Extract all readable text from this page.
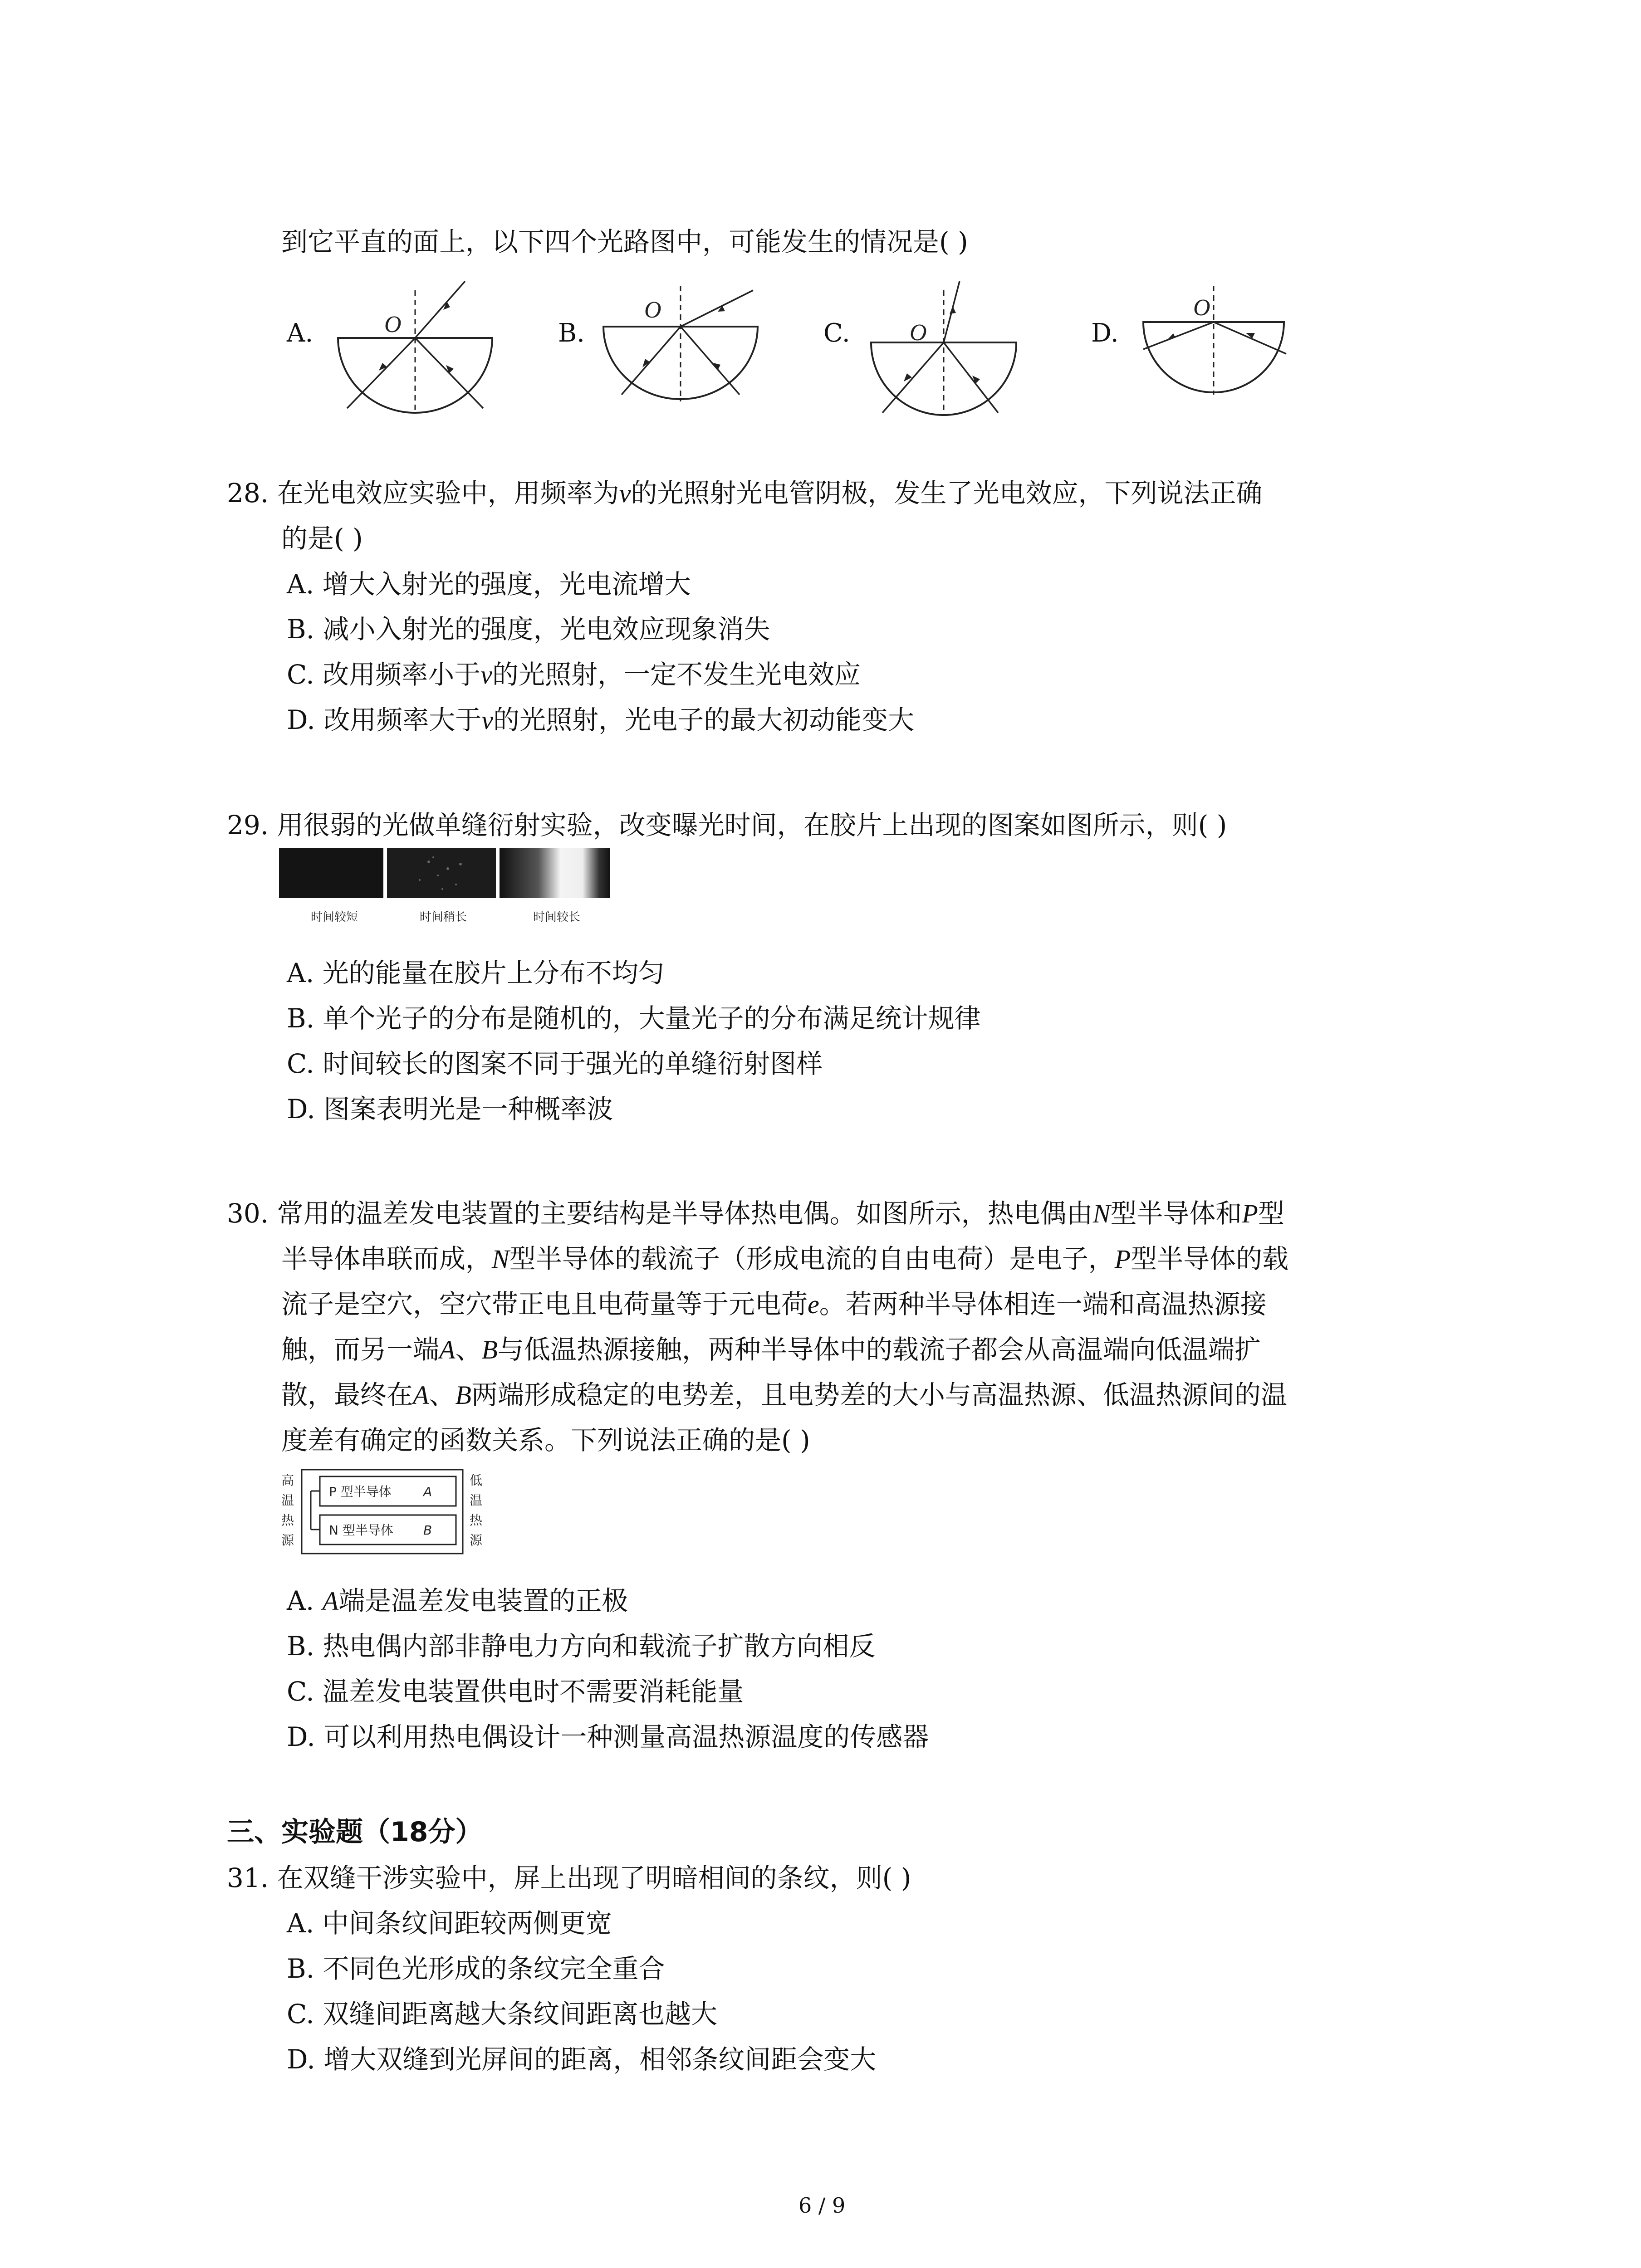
到它平直的面上，以下四个光路图中，可能发生的情况是( )
A.	O	B.
O
C.	O	D.
O
28. 在光电效应实验中，用频率为ν的光照射光电管阴极，发生了光电效应，下列说法正确
的是( )
A. 增大入射光的强度，光电流增大
B. 减小入射光的强度，光电效应现象消失
C. 改用频率小于ν的光照射，一定不发生光电效应
D. 改用频率大于ν的光照射，光电子的最大初动能变大
29. 用很弱的光做单缝衍射实验，改变曝光时间，在胶片上出现的图案如图所示，则( )
时间较短	时间稍长	时间较长
A. 光的能量在胶片上分布不均匀
B. 单个光子的分布是随机的，大量光子的分布满足统计规律
C. 时间较长的图案不同于强光的单缝衍射图样
D. 图案表明光是一种概率波
30. 常用的温差发电装置的主要结构是半导体热电偶。如图所示，热电偶由N型半导体和P型
半导体串联而成，N型半导体的载流子（形成电流的自由电荷）是电子，P型半导体的载
流子是空穴，空穴带正电且电荷量等于元电荷e。若两种半导体相连一端和高温热源接
触，而另一端A、B与低温热源接触，两种半导体中的载流子都会从高温端向低温端扩
散，最终在A、B两端形成稳定的电势差，且电势差的大小与高温热源、低温热源间的温
度差有确定的函数关系。下列说法正确的是( )
高
温
热
源
低
温
热
源
P 型半导体	A
N 型半导体 B
A. A端是温差发电装置的正极
B. 热电偶内部非静电力方向和载流子扩散方向相反
C. 温差发电装置供电时不需要消耗能量
D. 可以利用热电偶设计一种测量高温热源温度的传感器
三、实验题（18分）
31. 在双缝干涉实验中，屏上出现了明暗相间的条纹，则( )
A. 中间条纹间距较两侧更宽
B. 不同色光形成的条纹完全重合
C. 双缝间距离越大条纹间距离也越大
D. 增大双缝到光屏间的距离，相邻条纹间距会变大
6 / 9
